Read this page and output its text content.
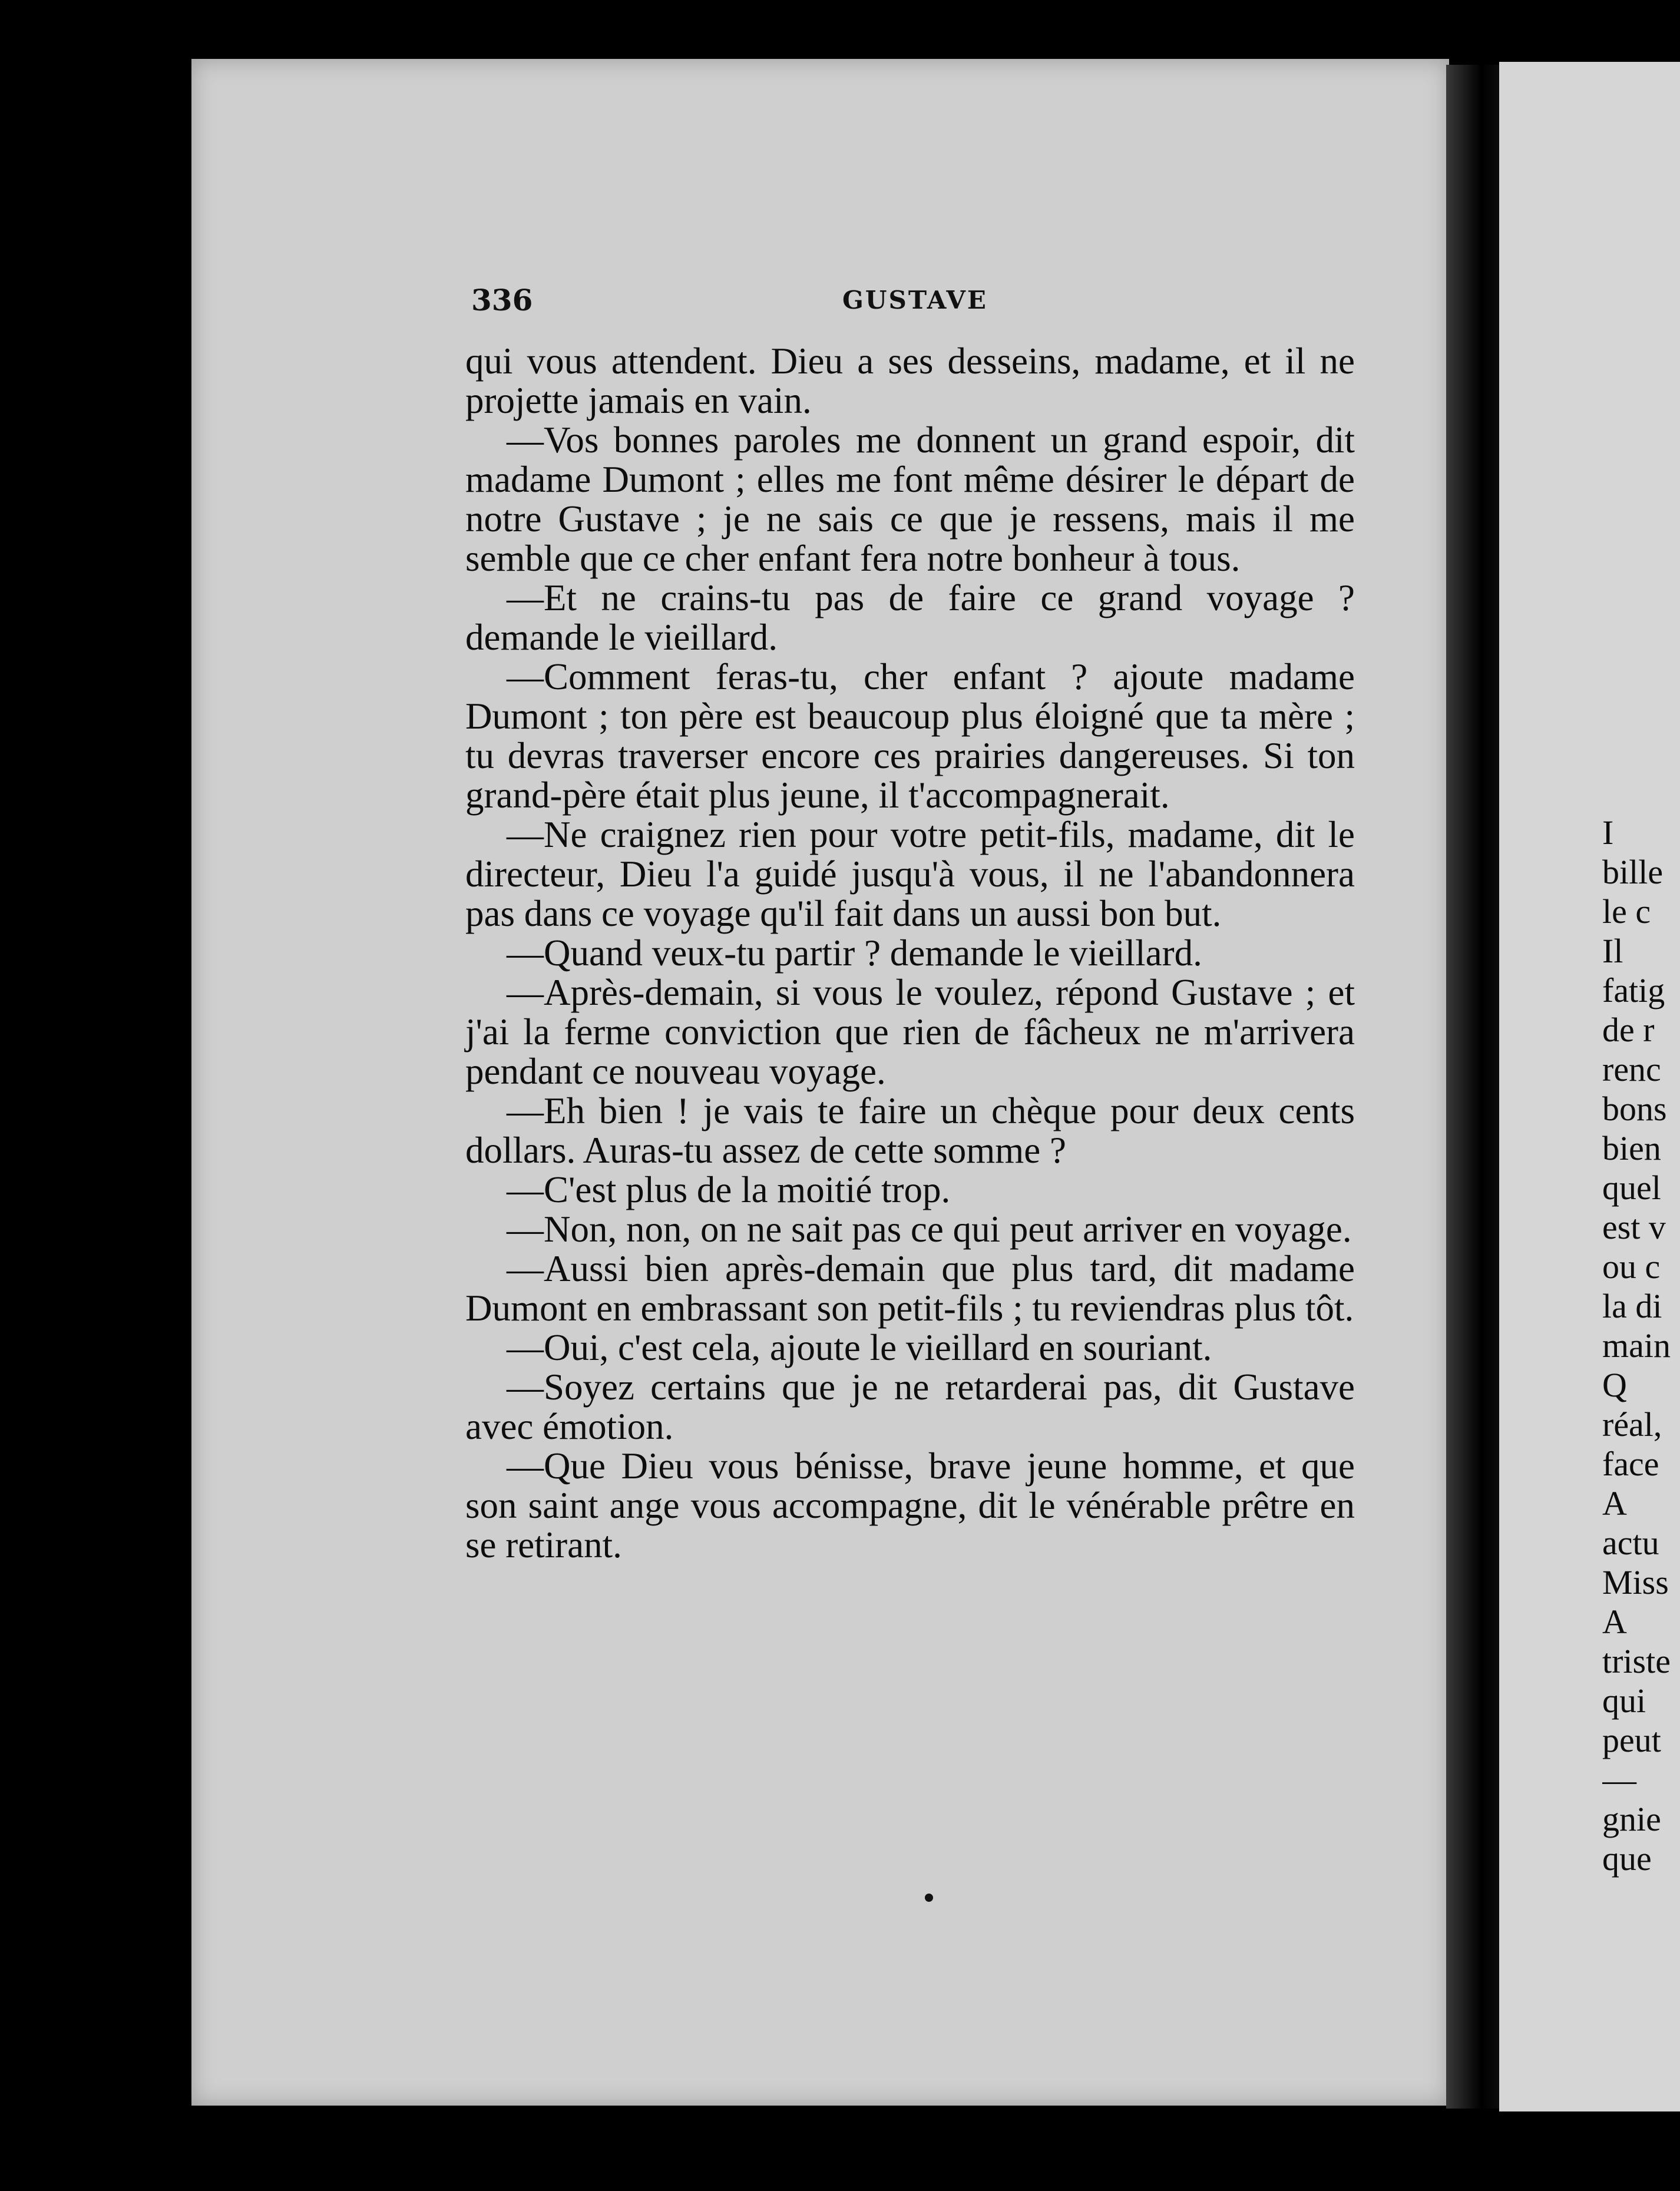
336	GUSTAVE

qui vous attendent. Dieu a ses desseins, madame, et il ne projette jamais en vain.

—Vos bonnes paroles me donnent un grand espoir, dit madame Dumont ; elles me font même désirer le départ de notre Gustave ; je ne sais ce que je ressens, mais il me semble que ce cher enfant fera notre bonheur à tous.

—Et ne crains-tu pas de faire ce grand voyage ? demande le vieillard.

—Comment feras-tu, cher enfant ? ajoute madame Dumont ; ton père est beaucoup plus éloigné que ta mère ; tu devras traverser encore ces prairies dangereuses. Si ton grand-père était plus jeune, il t'accompagnerait.

—Ne craignez rien pour votre petit-fils, madame, dit le directeur, Dieu l'a guidé jusqu'à vous, il ne l'abandonnera pas dans ce voyage qu'il fait dans un aussi bon but.

—Quand veux-tu partir ? demande le vieillard.

—Après-demain, si vous le voulez, répond Gustave ; et j'ai la ferme conviction que rien de fâcheux ne m'arrivera pendant ce nouveau voyage.

—Eh bien ! je vais te faire un chèque pour deux cents dollars. Auras-tu assez de cette somme ?

—C'est plus de la moitié trop.

—Non, non, on ne sait pas ce qui peut arriver en voyage.

—Aussi bien après-demain que plus tard, dit madame Dumont en embrassant son petit-fils ; tu reviendras plus tôt.

—Oui, c'est cela, ajoute le vieillard en souriant.

—Soyez certains que je ne retarderai pas, dit Gustave avec émotion.

—Que Dieu vous bénisse, brave jeune homme, et que son saint ange vous accompagne, dit le vénérable prêtre en se retirant.

I
bille
le c
Il
fatig
de r
renc
bons
bien
quel
est v
ou c
la di
main
Q
réal,
face
A
actu
Miss
A
triste
qui
peut
—
gnie
que
